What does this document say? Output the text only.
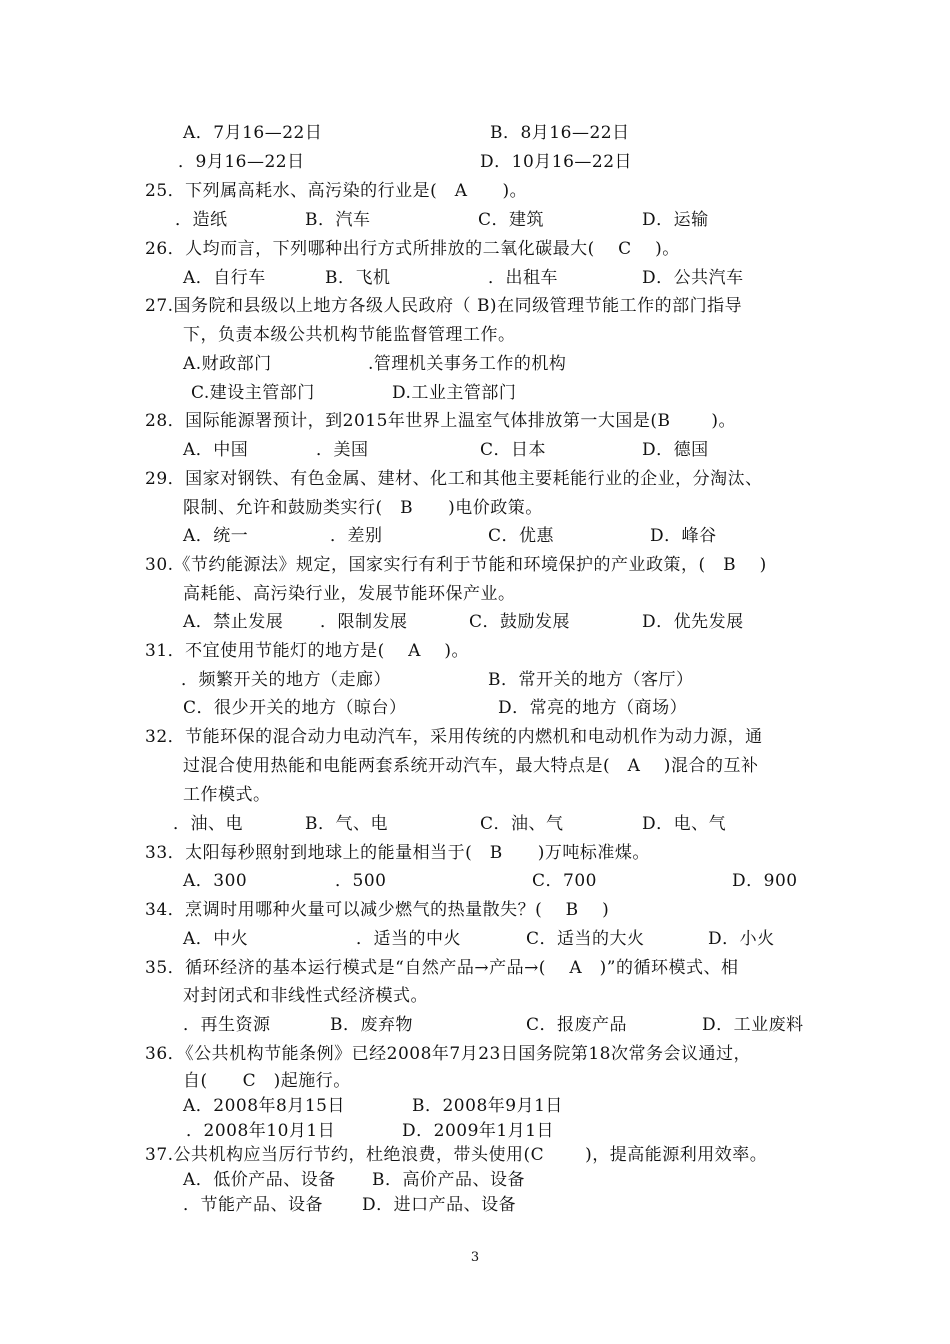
A．7月16—22日	B．8月16—22日
．9月16—22日	D．10月16—22日
25．下列属高耗水、高污染的行业是(　A　　)。
．造纸	B．汽车	C．建筑	D．运输
26．人均而言，下列哪种出行方式所排放的二氧化碳最大(　 C　 )。
A．自行车	B．飞机	．出租车	D．公共汽车
27.国务院和县级以上地方各级人民政府（ B)在同级管理节能工作的部门指导
下，负责本级公共机构节能监督管理工作。
A.财政部门	.管理机关事务工作的机构
C.建设主管部门	D.工业主管部门
28．国际能源署预计，到2015年世界上温室气体排放第一大国是(B　　 )。
A．中国	．美国	C．日本	D．德国
29．国家对钢铁、有色金属、建材、化工和其他主要耗能行业的企业，分淘汰、
限制、允许和鼓励类实行(　B　　)电价政策。
A．统一	．差别	C．优惠	D．峰谷
30.《节约能源法》规定，国家实行有利于节能和环境保护的产业政策，(　B　 )
高耗能、高污染行业，发展节能环保产业。
A．禁止发展 ．限制发展	C．鼓励发展	D．优先发展
31．不宜使用节能灯的地方是(　 A　 )。
．频繁开关的地方（走廊）	B．常开关的地方（客厅）
C．很少开关的地方（晾台）	D．常亮的地方（商场）
32．节能环保的混合动力电动汽车，采用传统的内燃机和电动机作为动力源，通
过混合使用热能和电能两套系统开动汽车，最大特点是(　A　 )混合的互补
工作模式。
．油、电	B．气、电	C．油、气	D．电、气
33．太阳每秒照射到地球上的能量相当于(　B　　)万吨标准煤。
A．300	．500	C．700	D．900
34．烹调时用哪种火量可以减少燃气的热量散失？(　 B　 )
A．中火	．适当的中火	C．适当的大火	D．小火
35．循环经济的基本运行模式是“自然产品→产品→(　 A　)”的循环模式、相
对封闭式和非线性式经济模式。
．再生资源	B．废弃物	C．报废产品	D．工业废料
36．《公共机构节能条例》已经2008年7月23日国务院第18次常务会议通过，
自(　　C　)起施行。
A．2008年8月15日	B．2008年9月1日
．2008年10月1日	D．2009年1月1日
37.公共机构应当厉行节约，杜绝浪费，带头使用(C　　 )，提高能源利用效率。
A．低价产品、设备 B．高价产品、设备
．节能产品、设备 D．进口产品、设备
3
